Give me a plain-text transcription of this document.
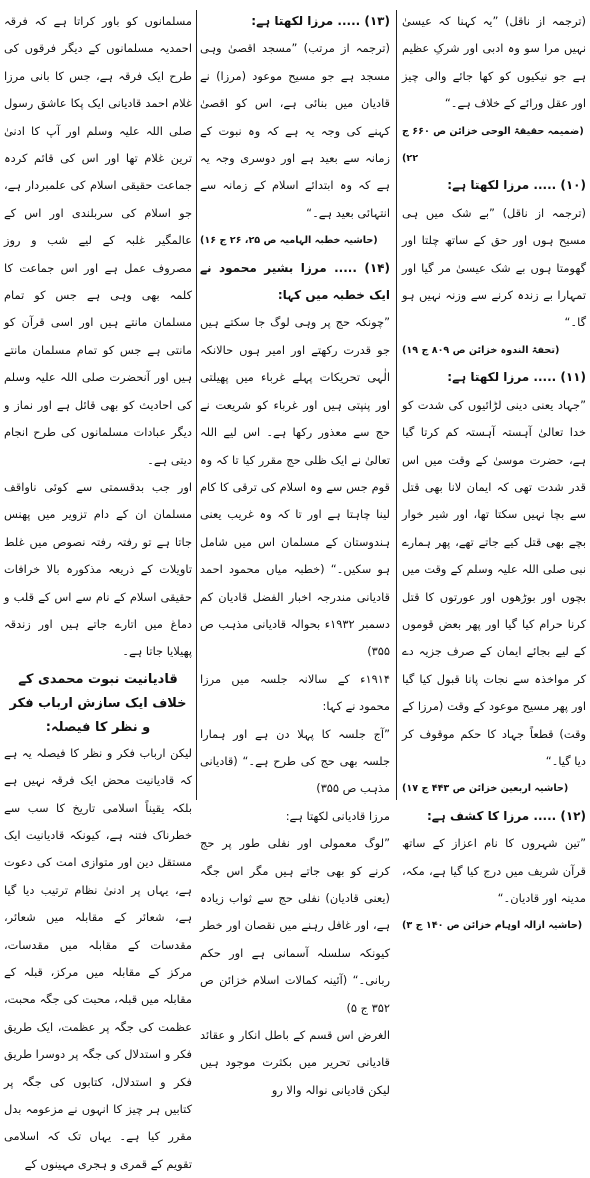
(ترجمہ از ناقل) ”یہ کہنا کہ عیسیٰ نہیں مرا سو وہ ادبی اور شرکِ عظیم ہے جو نیکیوں کو کھا جائے والی چیز اور عقل ورائے کے خلاف ہے۔“

(ضمیمہ حقیقۃ الوحی خزائن ص ۶۶۰ ج ۲۲)

(۱۰) ..... مرزا لکھتا ہے:

(ترجمہ از ناقل) ”بے شک میں ہی مسیح ہوں اور حق کے ساتھ چلتا اور گھومتا ہوں بے شک عیسیٰ مر گیا اور تمہارا بے زندہ کرنے سے وزنہ نہیں ہو گا۔“

(تحفۃ الندوہ خزائن ص ۸۰۹ ج ۱۹)

(۱۱) ..... مرزا لکھتا ہے:

”جہاد یعنی دینی لڑائیوں کی شدت کو خدا تعالیٰ آہستہ آہستہ کم کرتا گیا ہے، حضرت موسیٰ کے وقت میں اس قدر شدت تھی کہ ایمان لانا بھی قتل سے بچا نہیں سکتا تھا، اور شیر خوار بچے بھی قتل کیے جاتے تھے، پھر ہمارے نبی صلی اللہ علیہ وسلم کے وقت میں بچوں اور بوڑھوں اور عورتوں کا قتل کرنا حرام کیا گیا اور پھر بعض قوموں کے لیے بجائے ایمان کے صرف جزیہ دے کر مواخذہ سے نجات پانا قبول کیا گیا اور پھر مسیح موعود کے وقت (مرزا کے وقت) قطعاً جہاد کا حکم موقوف کر دیا گیا۔“

(حاشیہ اربعین خزائن ص ۴۴۳ ج ۱۷)

(۱۲) ..... مرزا کا کشف ہے:

”تین شہروں کا نام اعزاز کے ساتھ قرآن شریف میں درج کیا گیا ہے، مکہ، مدینہ اور قادیان۔“

(حاشیہ ازالہ اوہام خزائن ص ۱۴۰ ج ۳)

(۱۳) ..... مرزا لکھتا ہے:

(ترجمہ از مرتب) ”مسجد اقصیٰ وہی مسجد ہے جو مسیح موعود (مرزا) نے قادیان میں بنائی ہے، اس کو اقصیٰ کہنے کی وجہ یہ ہے کہ وہ نبوت کے زمانہ سے بعید ہے اور دوسری وجہ یہ ہے کہ وہ ابتدائے اسلام کے زمانہ سے انتہائی بعید ہے۔“

(حاشیہ خطبہ الہامیہ ص ۲۵، ۲۶ ج ۱۶)

(۱۴) ..... مرزا بشیر محمود نے ایک خطبہ میں کہا:

”چونکہ حج پر وہی لوگ جا سکتے ہیں جو قدرت رکھتے اور امیر ہوں حالانکہ الٰہی تحریکات پہلے غرباء میں پھیلتی اور پنپتی ہیں اور غرباء کو شریعت نے حج سے معذور رکھا ہے۔ اس لیے اللہ تعالیٰ نے ایک ظلی حج مقرر کیا تا کہ وہ قوم جس سے وہ اسلام کی ترقی کا کام لینا چاہتا ہے اور تا کہ وہ غریب یعنی ہندوستان کے مسلمان اس میں شامل ہو سکیں۔“ (خطبہ میاں محمود احمد قادیانی مندرجہ اخبار الفضل قادیان کم دسمبر ۱۹۳۲ء بحوالہ قادیانی مذہب ص ۳۵۵)

۱۹۱۴ء کے سالانہ جلسہ میں مرزا محمود نے کہا:

”آج جلسہ کا پہلا دن ہے اور ہمارا جلسہ بھی حج کی طرح ہے۔“ (قادیانی مذہب ص ۳۵۵)

مرزا قادیانی لکھتا ہے:

”لوگ معمولی اور نفلی طور پر حج کرنے کو بھی جاتے ہیں مگر اس جگہ (یعنی قادیان) نفلی حج سے ثواب زیادہ ہے، اور غافل رہنے میں نقصان اور خطر کیونکہ سلسلہ آسمانی ہے اور حکم ربانی۔“ (آئینہ کمالات اسلام خزائن ص ۳۵۲ ج ۵)

الغرض اس قسم کے باطل انکار و عقائد قادیانی تحریر میں بکثرت موجود ہیں لیکن قادیانی نوالہ والا رو

مسلمانوں کو باور کراتا ہے کہ فرقہ احمدیہ مسلمانوں کے دیگر فرقوں کی طرح ایک فرقہ ہے، جس کا بانی مرزا غلام احمد قادیانی ایک پکا عاشق رسول صلی اللہ علیہ وسلم اور آپ کا ادنیٰ ترین غلام تھا اور اس کی قائم کردہ جماعت حقیقی اسلام کی علمبردار ہے، جو اسلام کی سربلندی اور اس کے عالمگیر غلبہ کے لیے شب و روز مصروف عمل ہے اور اس جماعت کا کلمہ بھی وہی ہے جس کو تمام مسلمان مانتے ہیں اور اسی قرآن کو مانتی ہے جس کو تمام مسلمان مانتے ہیں اور آنحضرت صلی اللہ علیہ وسلم کی احادیث کو بھی قائل ہے اور نماز و دیگر عبادات مسلمانوں کی طرح انجام دیتی ہے۔

اور جب بدقسمتی سے کوئی ناواقف مسلمان ان کے دام تزویر میں پھنس جاتا ہے تو رفتہ رفتہ نصوص میں غلط تاویلات کے ذریعہ مذکورہ بالا خرافات حقیقی اسلام کے نام سے اس کے قلب و دماغ میں اتارے جاتے ہیں اور زندقہ پھیلایا جاتا ہے۔

قادیانیت نبوت محمدی کے خلاف ایک سازش ارباب فکر و نظر کا فیصلہ:

لیکن ارباب فکر و نظر کا فیصلہ یہ ہے کہ قادیانیت محض ایک فرقہ نہیں ہے بلکہ یقیناً اسلامی تاریخ کا سب سے خطرناک فتنہ ہے، کیونکہ قادیانیت ایک مستقل دین اور متوازی امت کی دعوت ہے، یہاں پر ادنیٰ نظام ترتیب دیا گیا ہے، شعائر کے مقابلہ میں شعائر، مقدسات کے مقابلہ میں مقدسات، مرکز کے مقابلہ میں مرکز، قبلہ کے مقابلہ میں قبلہ، محبت کی جگہ محبت، عظمت کی جگہ پر عظمت، ایک طریق فکر و استدلال کی جگہ پر دوسرا طریق فکر و استدلال، کتابوں کی جگہ پر کتابیں ہر چیز کا انہوں نے مزعومہ بدل مقرر کیا ہے۔ یہاں تک کہ اسلامی تقویم کے قمری و ہجری مہینوں کے
